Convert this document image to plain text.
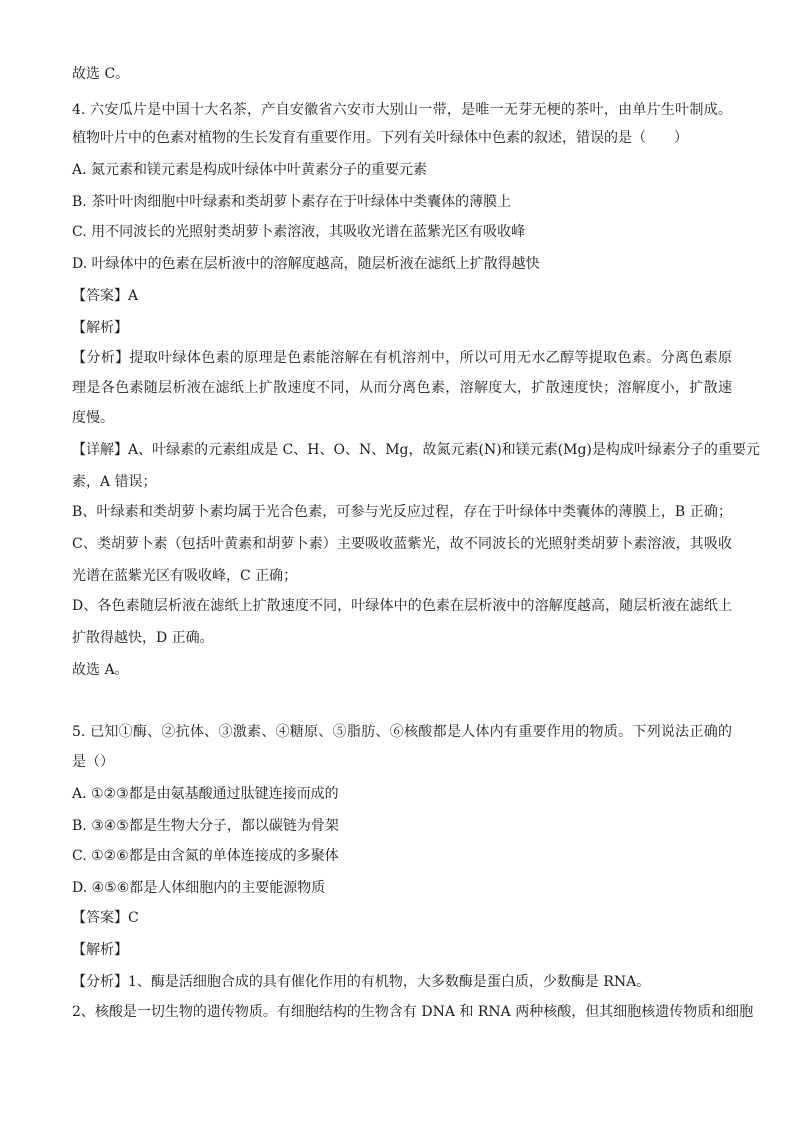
故选 C。

4. 六安瓜片是中国十大名茶，产自安徽省六安市大别山一带，是唯一无芽无梗的茶叶，由单片生叶制成。

植物叶片中的色素对植物的生长发育有重要作用。下列有关叶绿体中色素的叙述，错误的是（　　）

A. 氮元素和镁元素是构成叶绿体中叶黄素分子的重要元素

B. 茶叶叶肉细胞中叶绿素和类胡萝卜素存在于叶绿体中类囊体的薄膜上

C. 用不同波长的光照射类胡萝卜素溶液，其吸收光谱在蓝紫光区有吸收峰

D. 叶绿体中的色素在层析液中的溶解度越高，随层析液在滤纸上扩散得越快

【答案】A

【解析】

【分析】提取叶绿体色素的原理是色素能溶解在有机溶剂中，所以可用无水乙醇等提取色素。分离色素原

理是各色素随层析液在滤纸上扩散速度不同，从而分离色素，溶解度大，扩散速度快；溶解度小，扩散速

度慢。

【详解】A、叶绿素的元素组成是 C、H、O、N、Mg，故氮元素(N)和镁元素(Mg)是构成叶绿素分子的重要元

素，A 错误；

B、叶绿素和类胡萝卜素均属于光合色素，可参与光反应过程，存在于叶绿体中类囊体的薄膜上，B 正确；

C、类胡萝卜素（包括叶黄素和胡萝卜素）主要吸收蓝紫光，故不同波长的光照射类胡萝卜素溶液，其吸收

光谱在蓝紫光区有吸收峰，C 正确；

D、各色素随层析液在滤纸上扩散速度不同，叶绿体中的色素在层析液中的溶解度越高，随层析液在滤纸上

扩散得越快，D 正确。

故选 A。

5. 已知①酶、②抗体、③激素、④糖原、⑤脂肪、⑥核酸都是人体内有重要作用的物质。下列说法正确的

是（）

A. ①②③都是由氨基酸通过肽键连接而成的

B. ③④⑤都是生物大分子，都以碳链为骨架

C. ①②⑥都是由含氮的单体连接成的多聚体

D. ④⑤⑥都是人体细胞内的主要能源物质

【答案】C

【解析】

【分析】1、酶是活细胞合成的具有催化作用的有机物，大多数酶是蛋白质，少数酶是 RNA。

2、核酸是一切生物的遗传物质。有细胞结构的生物含有 DNA 和 RNA 两种核酸，但其细胞核遗传物质和细胞
